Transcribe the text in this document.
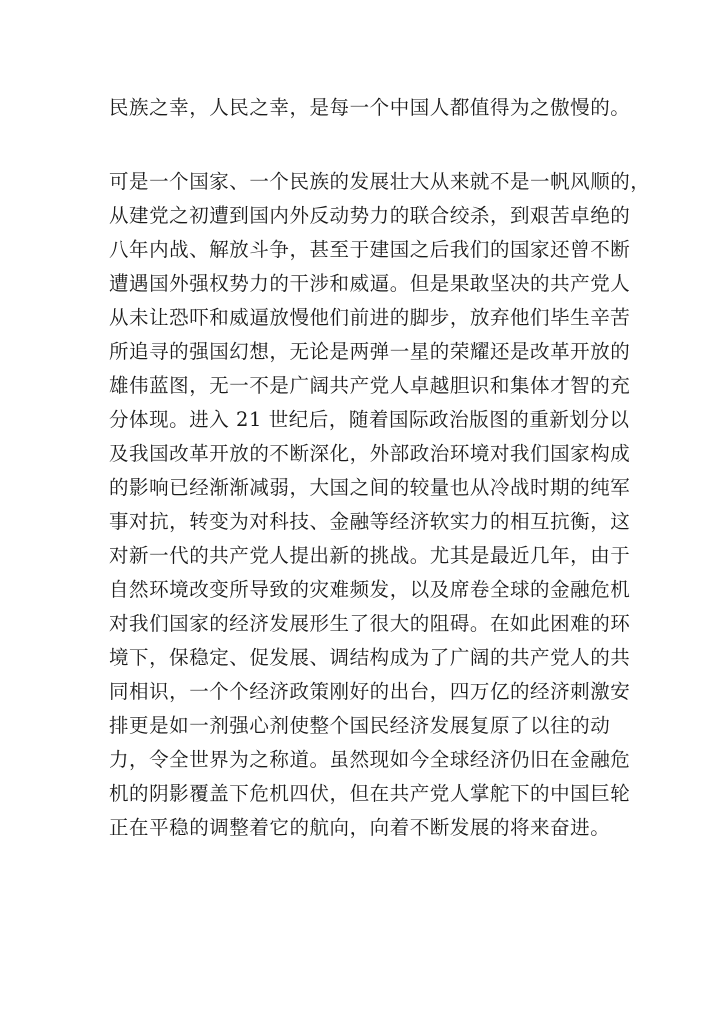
民族之幸，人民之幸，是每一个中国人都值得为之傲慢的。
可是一个国家、一个民族的发展壮大从来就不是一帆风顺的，
从建党之初遭到国内外反动势力的联合绞杀，到艰苦卓绝的
八年内战、解放斗争，甚至于建国之后我们的国家还曾不断
遭遇国外强权势力的干涉和威逼。但是果敢坚决的共产党人
从未让恐吓和威逼放慢他们前进的脚步，放弃他们毕生辛苦
所追寻的强国幻想，无论是两弹一星的荣耀还是改革开放的
雄伟蓝图，无一不是广阔共产党人卓越胆识和集体才智的充
分体现。进入 21 世纪后，随着国际政治版图的重新划分以
及我国改革开放的不断深化，外部政治环境对我们国家构成
的影响已经渐渐减弱，大国之间的较量也从冷战时期的纯军
事对抗，转变为对科技、金融等经济软实力的相互抗衡，这
对新一代的共产党人提出新的挑战。尤其是最近几年，由于
自然环境改变所导致的灾难频发，以及席卷全球的金融危机
对我们国家的经济发展形生了很大的阻碍。在如此困难的环
境下，保稳定、促发展、调结构成为了广阔的共产党人的共
同相识，一个个经济政策刚好的出台，四万亿的经济刺激安
排更是如一剂强心剂使整个国民经济发展复原了以往的动
力，令全世界为之称道。虽然现如今全球经济仍旧在金融危
机的阴影覆盖下危机四伏，但在共产党人掌舵下的中国巨轮
正在平稳的调整着它的航向，向着不断发展的将来奋进。
